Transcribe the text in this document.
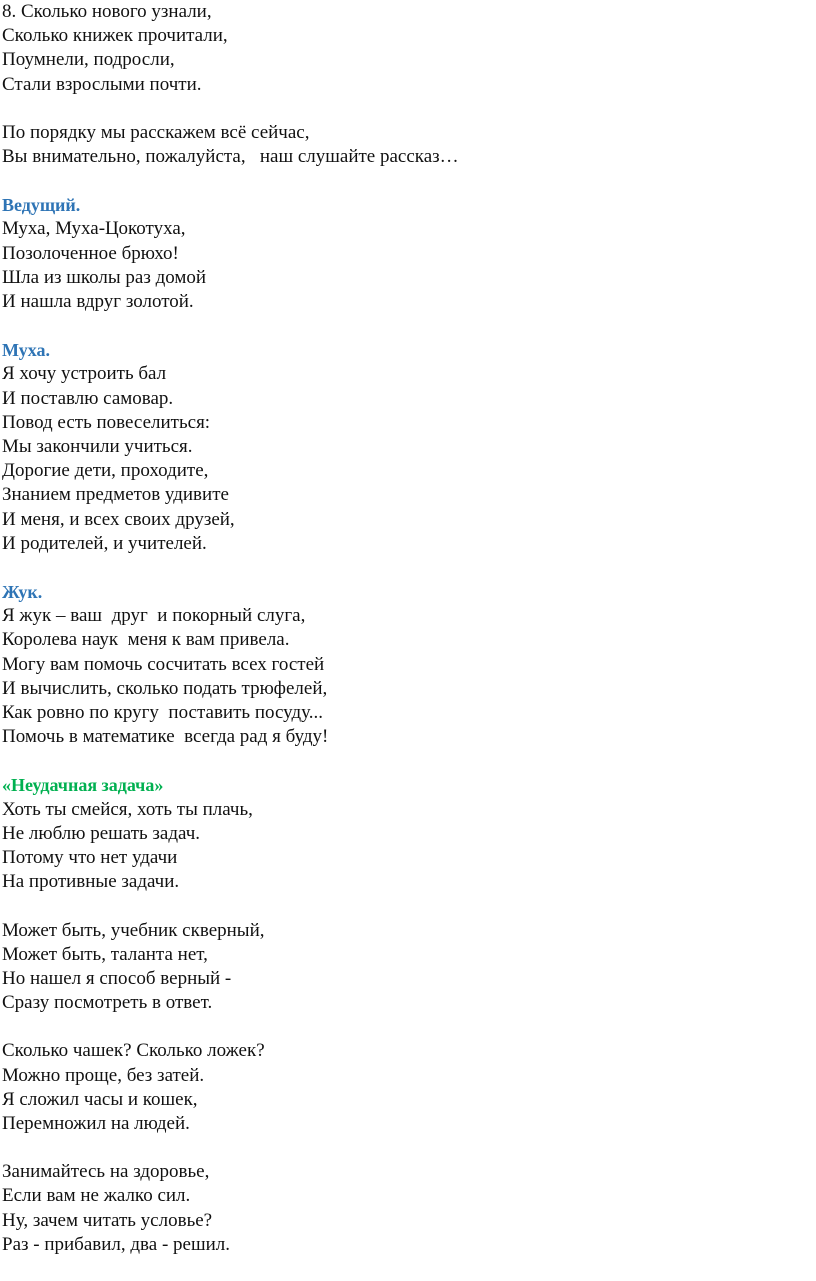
8. Сколько нового узнали,
Сколько книжек прочитали,
Поумнели, подросли,
Стали взрослыми почти.
По порядку мы расскажем всё сейчас,
Вы внимательно, пожалуйста,   наш слушайте рассказ…
Ведущий.
Муха, Муха-Цокотуха,
Позолоченное брюхо!
Шла из школы раз домой
И нашла вдруг золотой.
Муха.
Я хочу устроить бал
И поставлю самовар.
Повод есть повеселиться:
Мы закончили учиться.
Дорогие дети, проходите,
Знанием предметов удивите
И меня, и всех своих друзей,
И родителей, и учителей.
Жук.
Я жук – ваш  друг  и покорный слуга,
Королева наук  меня к вам привела.
Могу вам помочь сосчитать всех гостей
И вычислить, сколько подать трюфелей,
Как ровно по кругу  поставить посуду...
Помочь в математике  всегда рад я буду!
«Неудачная задача»
Хоть ты смейся, хоть ты плачь,
Не люблю решать задач.
Потому что нет удачи
На противные задачи.
Может быть, учебник скверный,
Может быть, таланта нет,
Но нашел я способ верный -
Сразу посмотреть в ответ.
Сколько чашек? Сколько ложек?
Можно проще, без затей.
Я сложил часы и кошек,
Перемножил на людей.
Занимайтесь на здоровье,
Если вам не жалко сил.
Ну, зачем читать условье?
Раз - прибавил, два - решил.
